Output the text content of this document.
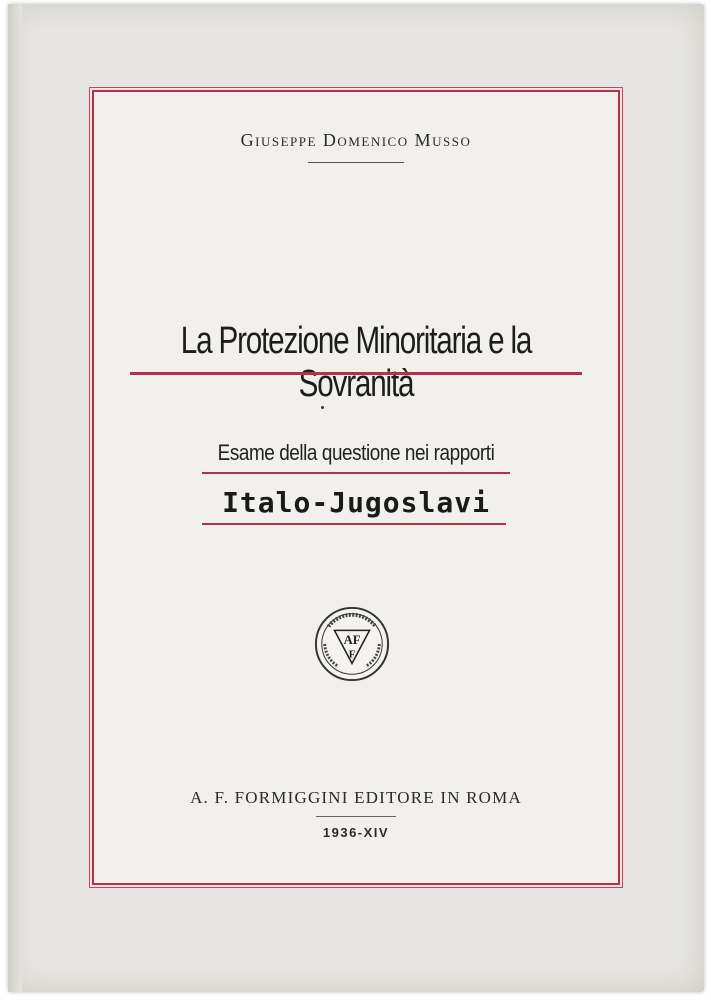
Giuseppe Domenico Musso
La Protezione Minoritaria e la Sovranità
Esame della questione nei rapporti
Italo-Jugoslavi
AF
F
A. F. FORMIGGINI EDITORE IN ROMA
1936-XIV
